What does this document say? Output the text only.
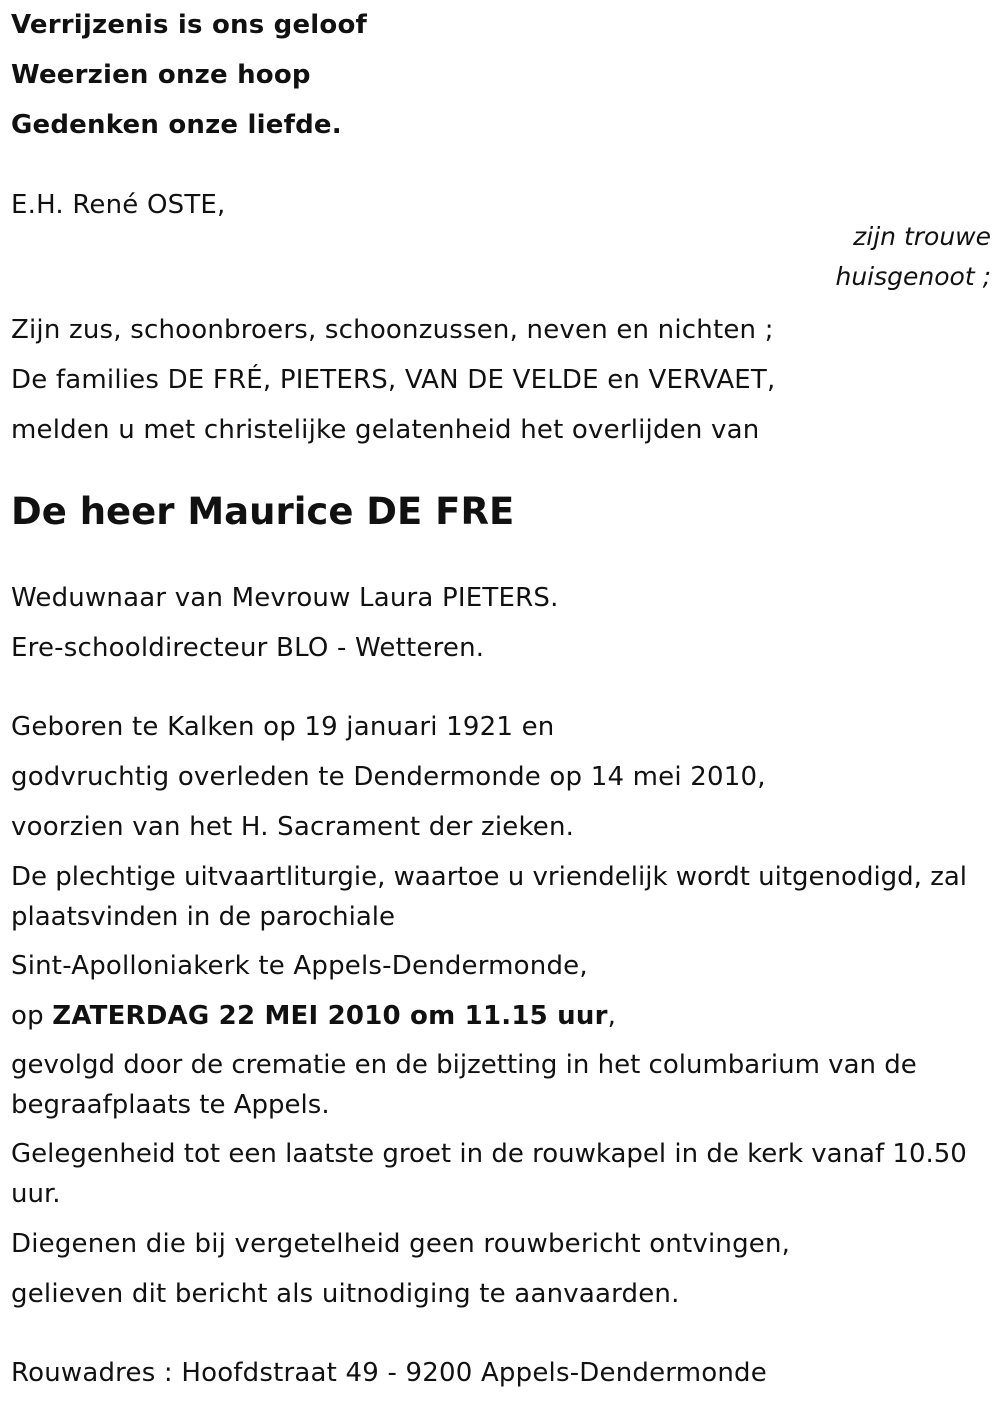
Verrijzenis is ons geloof
Weerzien onze hoop
Gedenken onze liefde.
E.H. René OSTE,
zijn trouwe
huisgenoot ;
Zijn zus, schoonbroers, schoonzussen, neven en nichten ;
De families DE FRÉ, PIETERS, VAN DE VELDE en VERVAET,
melden u met christelijke gelatenheid het overlijden van
De heer Maurice DE FRE
Weduwnaar van Mevrouw Laura PIETERS.
Ere-schooldirecteur BLO - Wetteren.
Geboren te Kalken op 19 januari 1921 en
godvruchtig overleden te Dendermonde op 14 mei 2010,
voorzien van het H. Sacrament der zieken.
De plechtige uitvaartliturgie, waartoe u vriendelijk wordt uitgenodigd, zal plaatsvinden in de parochiale
Sint-Apolloniakerk te Appels-Dendermonde,
op ZATERDAG 22 MEI 2010 om 11.15 uur,
gevolgd door de crematie en de bijzetting in het columbarium van de begraafplaats te Appels.
Gelegenheid tot een laatste groet in de rouwkapel in de kerk vanaf 10.50 uur.
Diegenen die bij vergetelheid geen rouwbericht ontvingen,
gelieven dit bericht als uitnodiging te aanvaarden.
Rouwadres : Hoofdstraat 49 - 9200 Appels-Dendermonde
